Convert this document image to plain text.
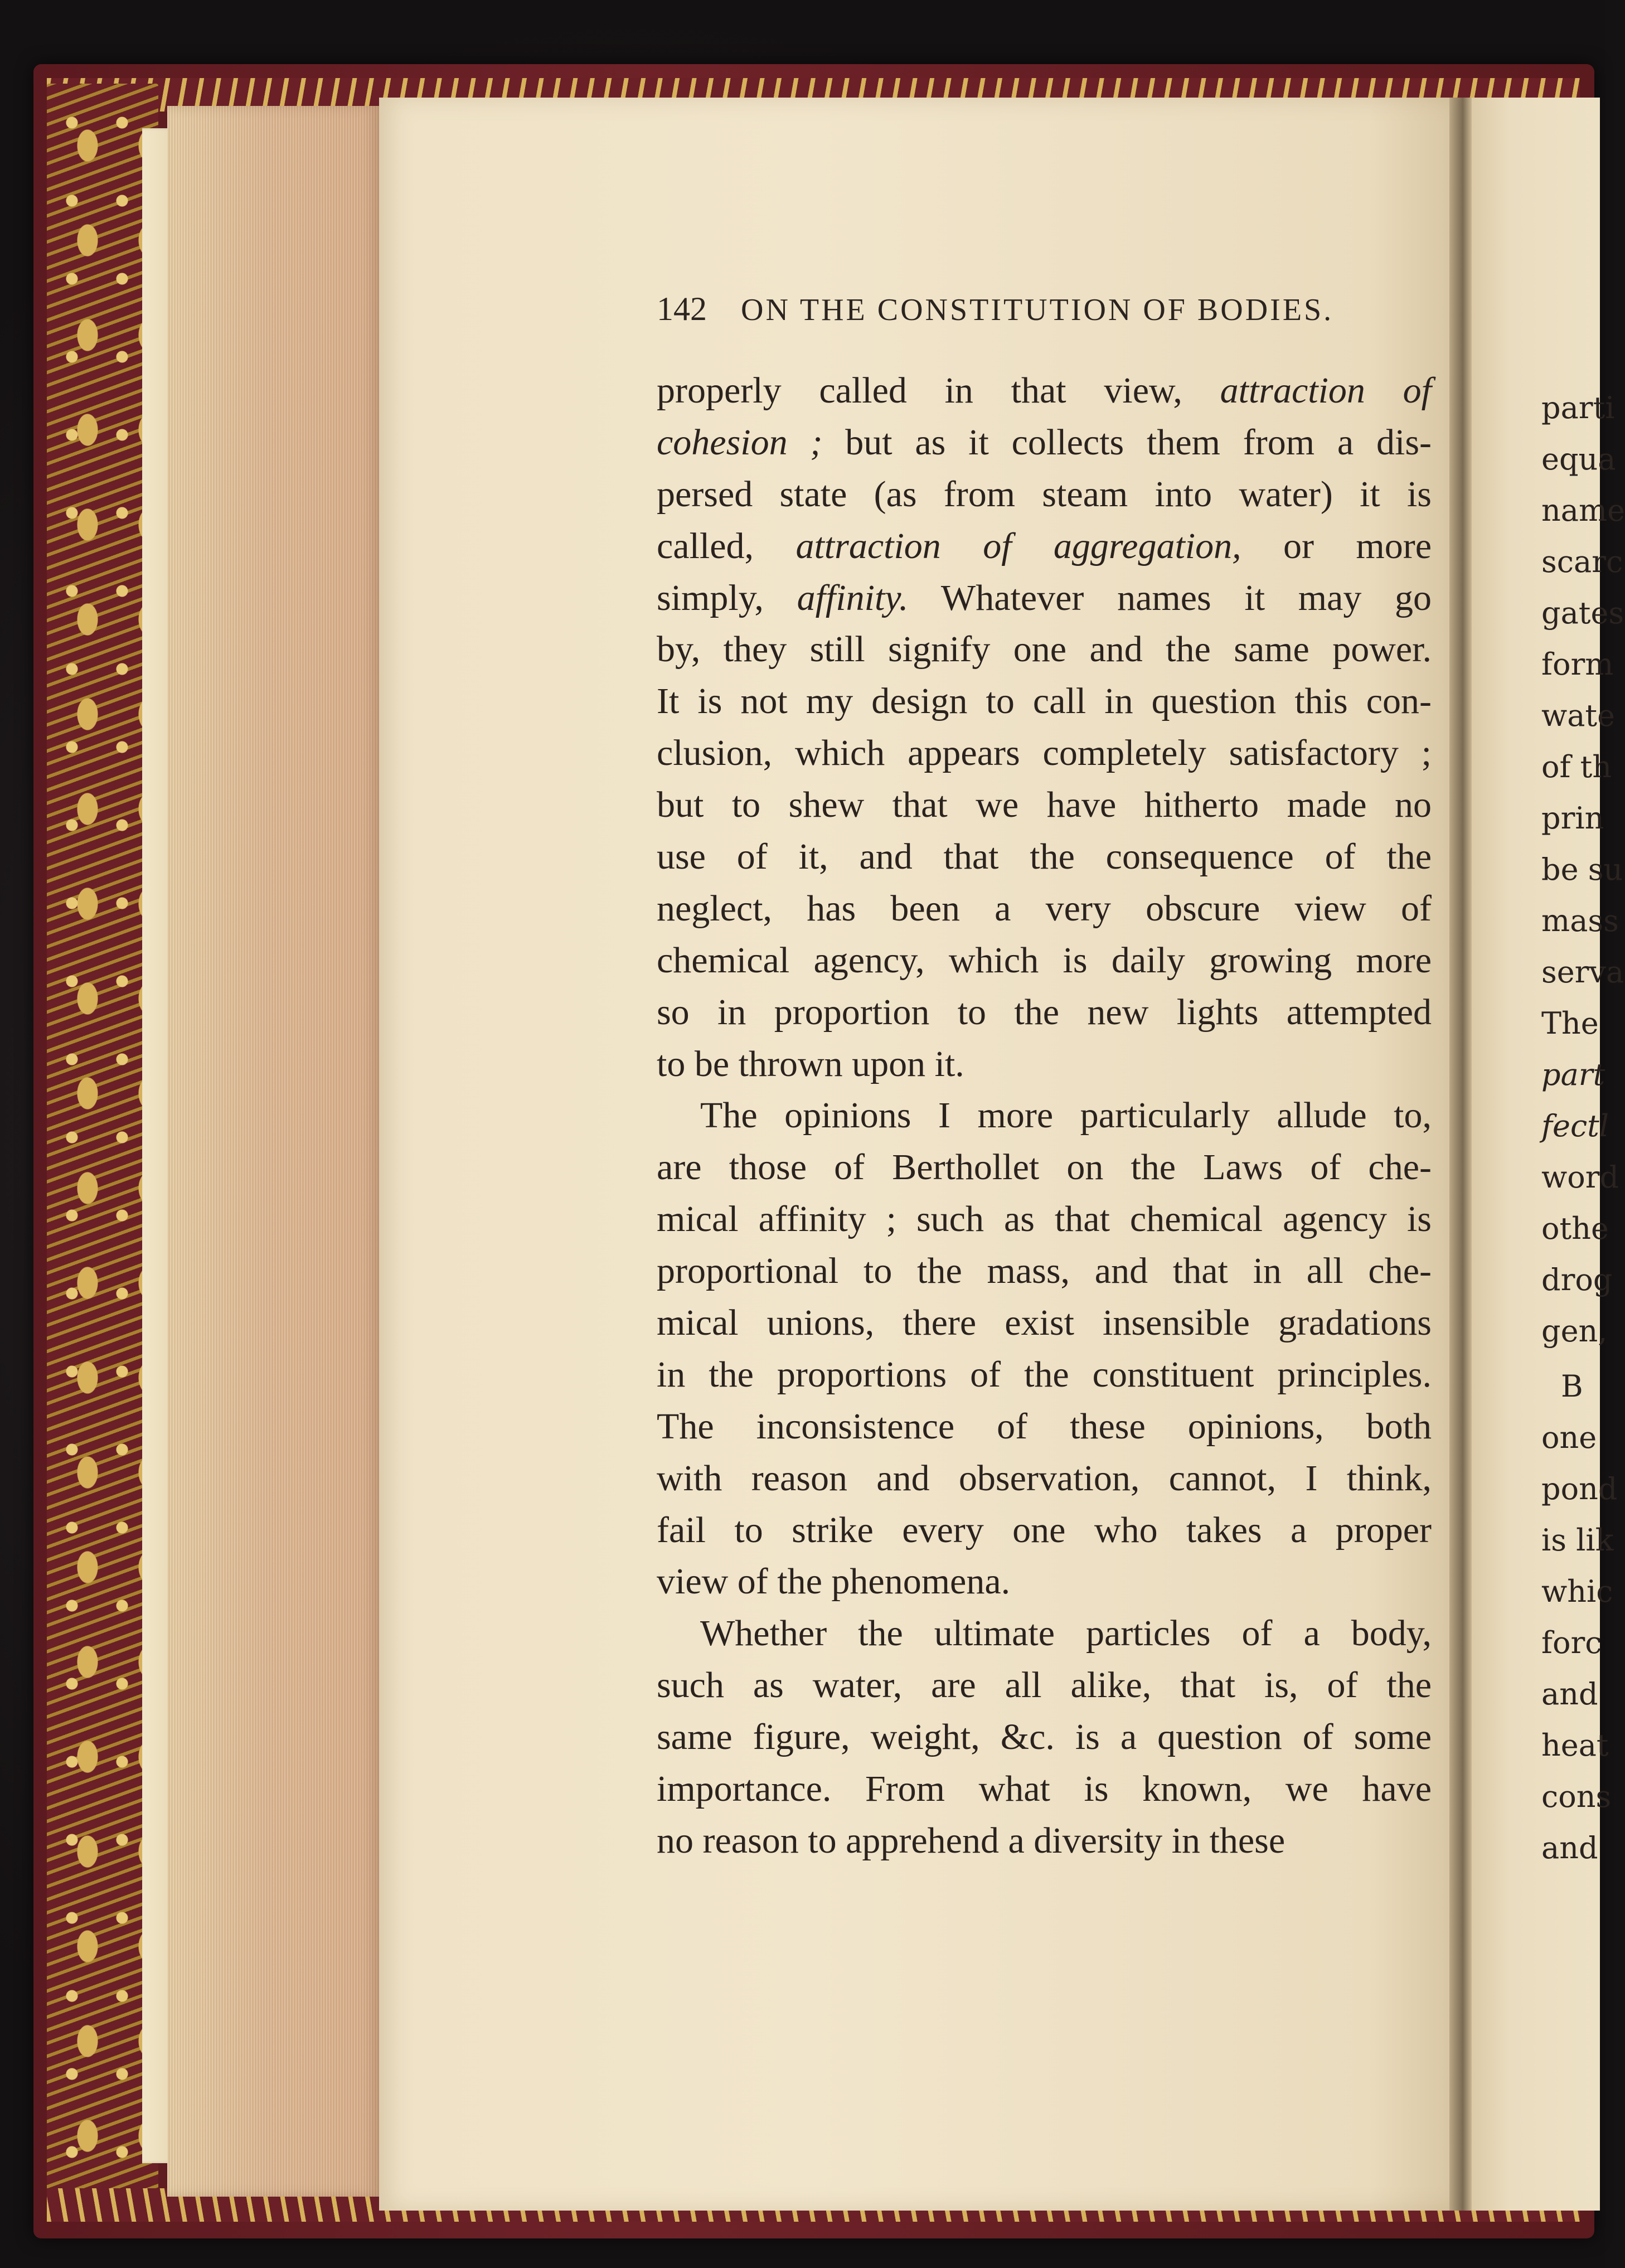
142 ON THE CONSTITUTION OF BODIES.
properly called in that view, attraction of
cohesion ; but as it collects them from a dis-
persed state (as from steam into water) it is
called, attraction of aggregation, or more
simply, affinity. Whatever names it may go
by, they still signify one and the same power.
It is not my design to call in question this con-
clusion, which appears completely satisfactory ;
but to shew that we have hitherto made no
use of it, and that the consequence of the
neglect, has been a very obscure view of
chemical agency, which is daily growing more
so in proportion to the new lights attempted
to be thrown upon it.
The opinions I more particularly allude to,
are those of Berthollet on the Laws of che-
mical affinity ; such as that chemical agency is
proportional to the mass, and that in all che-
mical unions, there exist insensible gradations
in the proportions of the constituent principles.
The inconsistence of these opinions, both
with reason and observation, cannot, I think,
fail to strike every one who takes a proper
view of the phenomena.
Whether the ultimate particles of a body,
such as water, are all alike, that is, of the
same figure, weight, &c. is a question of some
importance. From what is known, we have
no reason to apprehend a diversity in these
parti
equa
name
scarc
gates
form
wate
of th
prin
be su
mass
serva
The
part
fectl
word
othe
drog
gen,
B
one
pond
is lik
whic
forc
and
heat
cons
and
